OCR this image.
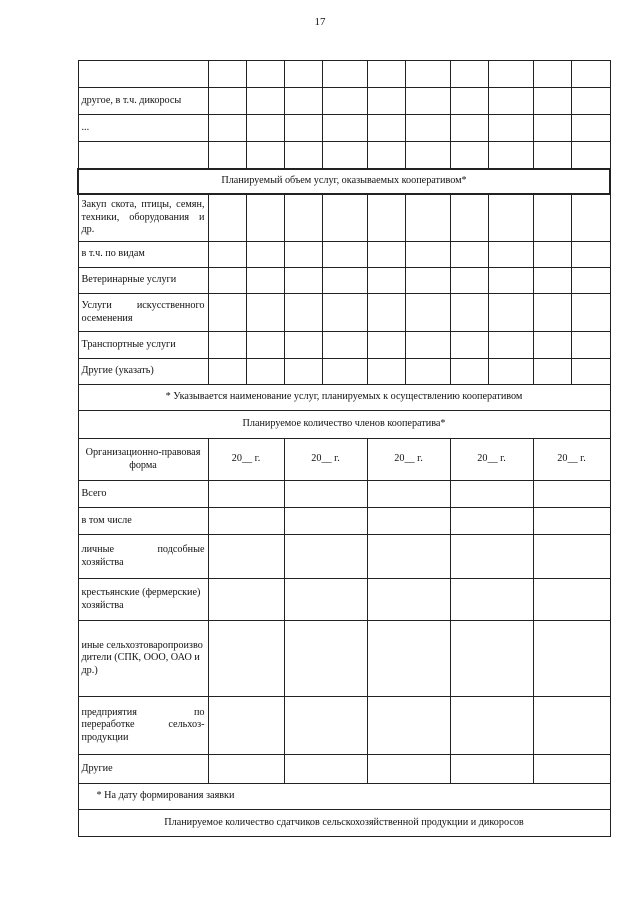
17

другое, в т.ч. дикоросы										
...										

Планируемый объем услуг, оказываемых кооперативом*										
Закуп скота, птицы, семян, техники, оборудования и др.										
в т.ч. по видам										
Ветеринарные услуги										
Услуги искусственного осеменения										
Транспортные услуги										
Другие (указать)										
* Указывается наименование услуг, планируемых к осуществлению кооперативом										
Планируемое количество членов кооператива*										
Организационно-правовая форма	20__ г.		20__ г.		20__ г.		20__ г.		20__ г.	
Всего										
в том числе										
личные подсобные хозяйства										
крестьянские (фермерские) хозяйства										
иные сельхозтоваропроизводители (СПК, ООО, ОАО и др.)										
предприятия по переработке сельхоз-продукции										
Другие										
* На дату формирования заявки										
Планируемое количество сдатчиков сельскохозяйственной продукции и дикоросов										
